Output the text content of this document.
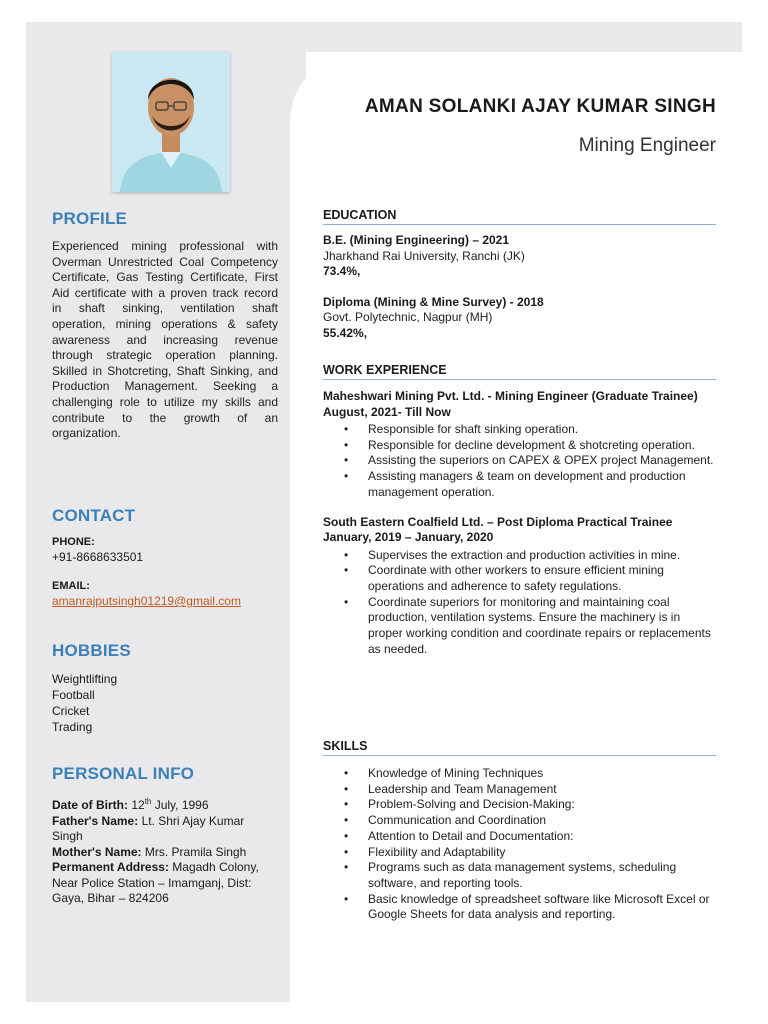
PROFILE
Experienced mining professional with Overman Unrestricted Coal Competency Certificate, Gas Testing Certificate, First Aid certificate with a proven track record in shaft sinking, ventilation shaft operation, mining operations & safety awareness and increasing revenue through strategic operation planning. Skilled in Shotcreting, Shaft Sinking, and Production Management. Seeking a challenging role to utilize my skills and contribute to the growth of an organization.
CONTACT
PHONE:
+91-8668633501
EMAIL:
amanrajputsingh01219@gmail.com
HOBBIES
Weightlifting
Football
Cricket
Trading
PERSONAL INFO
Date of Birth: 12th July, 1996
Father's Name: Lt. Shri Ajay Kumar Singh
Mother's Name: Mrs. Pramila Singh
Permanent Address: Magadh Colony, Near Police Station – Imamganj, Dist: Gaya, Bihar – 824206
AMAN SOLANKI AJAY KUMAR SINGH
Mining Engineer
EDUCATION
B.E. (Mining Engineering) – 2021
Jharkhand Rai University, Ranchi (JK)
73.4%,
Diploma (Mining & Mine Survey) - 2018
Govt. Polytechnic, Nagpur (MH)
55.42%,
WORK EXPERIENCE
Maheshwari Mining Pvt. Ltd. - Mining Engineer (Graduate Trainee)
August, 2021- Till Now
• Responsible for shaft sinking operation.
• Responsible for decline development & shotcreting operation.
• Assisting the superiors on CAPEX & OPEX project Management.
• Assisting managers & team on development and production management operation.
South Eastern Coalfield Ltd. – Post Diploma Practical Trainee
January, 2019 – January, 2020
• Supervises the extraction and production activities in mine.
• Coordinate with other workers to ensure efficient mining operations and adherence to safety regulations.
• Coordinate superiors for monitoring and maintaining coal production, ventilation systems. Ensure the machinery is in proper working condition and coordinate repairs or replacements as needed.
SKILLS
• Knowledge of Mining Techniques
• Leadership and Team Management
• Problem-Solving and Decision-Making:
• Communication and Coordination
• Attention to Detail and Documentation:
• Flexibility and Adaptability
• Programs such as data management systems, scheduling software, and reporting tools.
• Basic knowledge of spreadsheet software like Microsoft Excel or Google Sheets for data analysis and reporting.
